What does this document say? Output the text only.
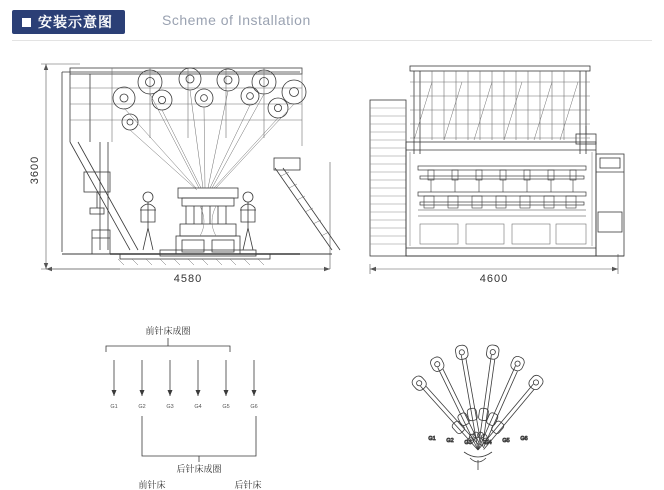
安装示意图	Scheme of Installation
3600
4580	4600
前针床成圈
后针床成圈
前针床	后针床
G1	G2	G3	G4	G5	G6
G1 G2 G3 G4 G5 G6
